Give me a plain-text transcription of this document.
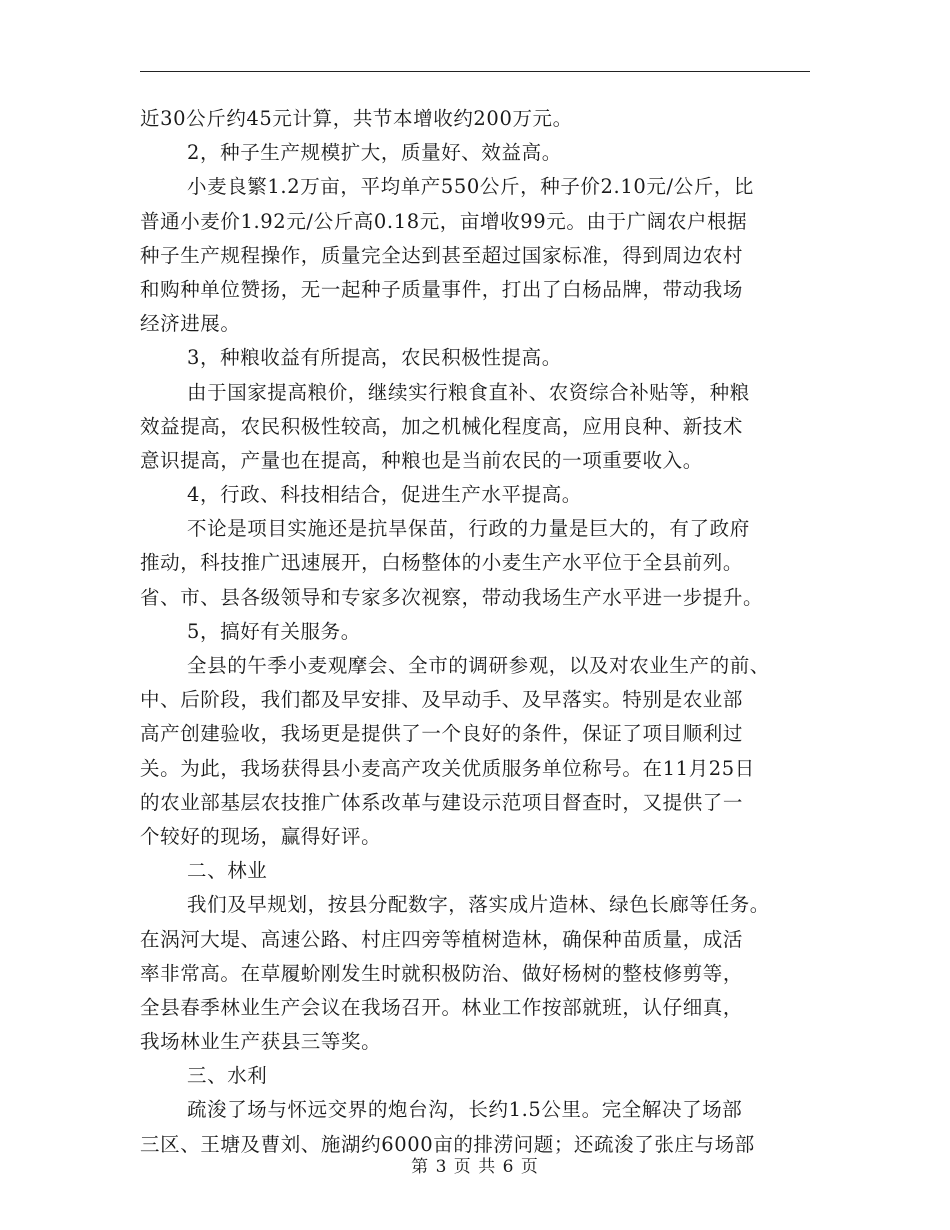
近30公斤约45元计算，共节本增收约200万元。
2，种子生产规模扩大，质量好、效益高。
小麦良繁1.2万亩，平均单产550公斤，种子价2.10元/公斤，比
普通小麦价1.92元/公斤高0.18元，亩增收99元。由于广阔农户根据
种子生产规程操作，质量完全达到甚至超过国家标准，得到周边农村
和购种单位赞扬，无一起种子质量事件，打出了白杨品牌，带动我场
经济进展。
3，种粮收益有所提高，农民积极性提高。
由于国家提高粮价，继续实行粮食直补、农资综合补贴等，种粮
效益提高，农民积极性较高，加之机械化程度高，应用良种、新技术
意识提高，产量也在提高，种粮也是当前农民的一项重要收入。
4，行政、科技相结合，促进生产水平提高。
不论是项目实施还是抗旱保苗，行政的力量是巨大的，有了政府
推动，科技推广迅速展开，白杨整体的小麦生产水平位于全县前列。
省、市、县各级领导和专家多次视察，带动我场生产水平进一步提升。
5，搞好有关服务。
全县的午季小麦观摩会、全市的调研参观，以及对农业生产的前、
中、后阶段，我们都及早安排、及早动手、及早落实。特别是农业部
高产创建验收，我场更是提供了一个良好的条件，保证了项目顺利过
关。为此，我场获得县小麦高产攻关优质服务单位称号。在11月25日
的农业部基层农技推广体系改革与建设示范项目督查时，又提供了一
个较好的现场，赢得好评。
二、林业
我们及早规划，按县分配数字，落实成片造林、绿色长廊等任务。
在涡河大堤、高速公路、村庄四旁等植树造林，确保种苗质量，成活
率非常高。在草履蚧刚发生时就积极防治、做好杨树的整枝修剪等，
全县春季林业生产会议在我场召开。林业工作按部就班，认仔细真，
我场林业生产获县三等奖。
三、水利
疏浚了场与怀远交界的炮台沟，长约1.5公里。完全解决了场部
三区、王塘及曹刘、施湖约6000亩的排涝问题；还疏浚了张庄与场部
第 3 页 共 6 页
